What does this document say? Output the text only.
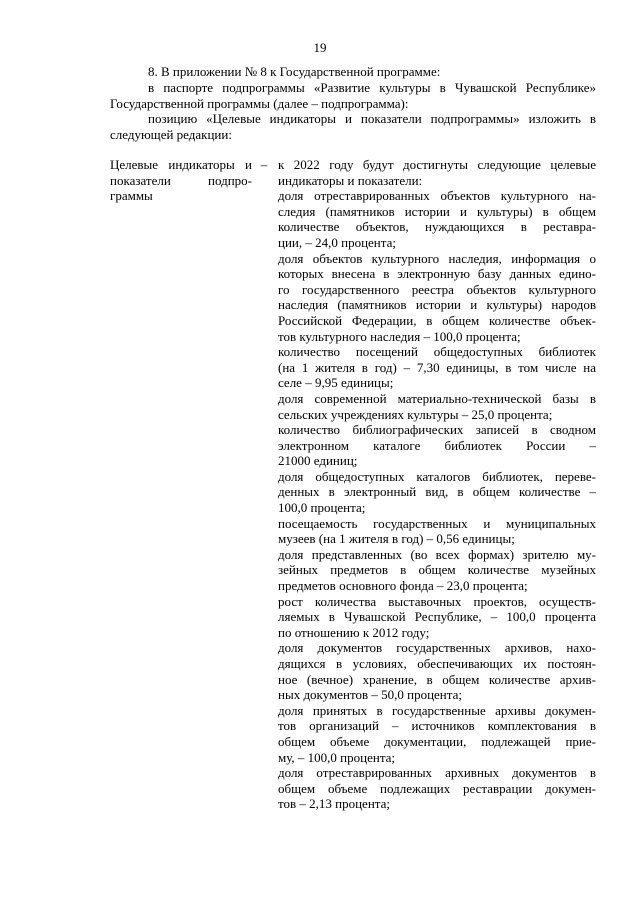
19

8. В приложении № 8 к Государственной программе:

в паспорте подпрограммы «Развитие культуры в Чувашской Республике» Государственной программы (далее – подпрограмма):

позицию «Целевые индикаторы и показатели подпрограммы» изложить в следующей редакции:

Целевые индикаторы и
показатели подпро-
граммы
– к 2022 году будут достигнуты следующие целевые
индикаторы и показатели:
доля отреставрированных объектов культурного на-
следия (памятников истории и культуры) в общем
количестве объектов, нуждающихся в реставра-
ции, – 24,0 процента;
доля объектов культурного наследия, информация о
которых внесена в электронную базу данных едино-
го государственного реестра объектов культурного
наследия (памятников истории и культуры) народов
Российской Федерации, в общем количестве объек-
тов культурного наследия – 100,0 процента;
количество посещений общедоступных библиотек
(на 1 жителя в год) – 7,30 единицы, в том числе на
селе – 9,95 единицы;
доля современной материально-технической базы в
сельских учреждениях культуры – 25,0 процента;
количество библиографических записей в сводном
электронном каталоге библиотек России –
21000 единиц;
доля общедоступных каталогов библиотек, переве-
денных в электронный вид, в общем количестве –
100,0 процента;
посещаемость государственных и муниципальных
музеев (на 1 жителя в год) – 0,56 единицы;
доля представленных (во всех формах) зрителю му-
зейных предметов в общем количестве музейных
предметов основного фонда – 23,0 процента;
рост количества выставочных проектов, осуществ-
ляемых в Чувашской Республике, – 100,0 процента
по отношению к 2012 году;
доля документов государственных архивов, нахо-
дящихся в условиях, обеспечивающих их постоян-
ное (вечное) хранение, в общем количестве архив-
ных документов – 50,0 процента;
доля принятых в государственные архивы докумен-
тов организаций – источников комплектования в
общем объеме документации, подлежащей прие-
му, – 100,0 процента;
доля отреставрированных архивных документов в
общем объеме подлежащих реставрации докумен-
тов – 2,13 процента;
